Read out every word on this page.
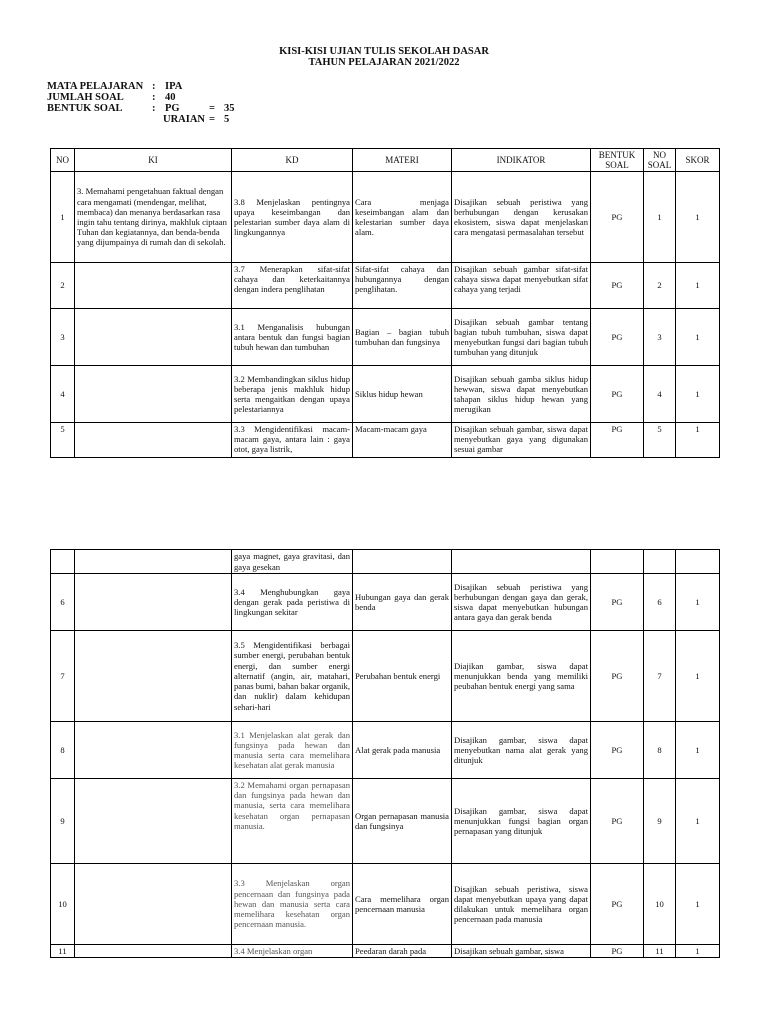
KISI-KISI UJIAN TULIS SEKOLAH DASAR
TAHUN PELAJARAN 2021/2022
MATA PELAJARAN : IPA
JUMLAH SOAL	: 40
BENTUK SOAL	: PG	= 35
URAIAN = 5
NO	KI	KD	MATERI	INDIKATOR	BENTUK SOAL	NO SOAL	SKOR
1	3. Memahami pengetahuan faktual dengan cara mengamati (mendengar, melihat, membaca) dan menanya berdasarkan rasa ingin tahu tentang dirinya, makhluk ciptaan Tuhan dan kegiatannya, dan benda-benda yang dijumpainya di rumah dan di sekolah.	3.8 Menjelaskan pentingnya upaya keseimbangan dan pelestarian sumber daya alam di lingkungannya	Cara menjaga keseimbangan alam dan kelestarian sumber daya alam.	Disajikan sebuah peristiwa yang berhubungan dengan kerusakan ekosistem, siswa dapat menjelaskan cara mengatasi permasalahan tersebut	PG	1	1
2		3.7 Menerapkan sifat-sifat cahaya dan keterkaitannya dengan indera penglihatan	Sifat-sifat cahaya dan hubungannya dengan penglihatan.	Disajikan sebuah gambar sifat-sifat cahaya siswa dapat menyebutkan sifat cahaya yang terjadi	PG	2	1
3		3.1 Menganalisis hubungan antara bentuk dan fungsi bagian tubuh hewan dan tumbuhan	Bagian – bagian tubuh tumbuhan dan fungsinya	Disajikan sebuah gambar tentang bagian tubuh tumbuhan, siswa dapat menyebutkan fungsi dari bagian tubuh tumbuhan yang ditunjuk	PG	3	1
4		3.2 Membandingkan siklus hidup beberapa jenis makhluk hidup serta mengaitkan dengan upaya pelestariannya	Siklus hidup hewan	Disajikan sebuah gamba siklus hidup hewwan, siswa dapat menyebutkan tahapan siklus hidup hewan yang merugikan	PG	4	1
5		3.3 Mengidentifikasi macam-macam gaya, antara lain : gaya otot, gaya listrik,	Macam-macam gaya	Disajikan sebuah gambar, siswa dapat menyebutkan gaya yang digunakan sesuai gambar	PG	5	1
		gaya magnet, gaya gravitasi, dan gaya gesekan					
6		3.4 Menghubungkan gaya dengan gerak pada peristiwa di lingkungan sekitar	Hubungan gaya dan gerak benda	Disajikan sebuah peristiwa yang berhubungan dengan gaya dan gerak, siswa dapat menyebutkan hubungan antara gaya dan gerak benda	PG	6	1
7		3.5 Mengidentifikasi berbagai sumber energi, perubahan bentuk energi, dan sumber energi alternatif (angin, air, matahari, panas bumi, bahan bakar organik, dan nuklir) dalam kehidupan sehari-hari	Perubahan bentuk energi	Diajikan gambar, siswa dapat menunjukkan benda yang memiliki peubahan bentuk energi yang sama	PG	7	1
8		3.1 Menjelaskan alat gerak dan fungsinya pada hewan dan manusia serta cara memelihara kesehatan alat gerak manusia	Alat gerak pada manusia	Disajikan gambar, siswa dapat menyebutkan nama alat gerak yang ditunjuk	PG	8	1
9		3.2 Memahami organ pernapasan dan fungsinya pada hewan dan manusia, serta cara memelihara kesehatan organ pernapasan manusia.	Organ pernapasan manusia dan fungsinya	Disajikan gambar, siswa dapat menunjukkan fungsi bagian organ pernapasan yang ditunjuk	PG	9	1
10		3.3 Menjelaskan organ pencernaan dan fungsinya pada hewan dan manusia serta cara memelihara kesehatan organ pencernaan manusia.	Cara memelihara organ pencernaan manusia	Disajikan sebuah peristiwa, siswa dapat menyebutkan upaya yang dapat dilakukan untuk memelihara organ pencernaan pada manusia	PG	10	1
11		3.4 Menjelaskan organ	Peedaran darah pada	Disajikan sebuah gambar, siswa	PG	11	1
